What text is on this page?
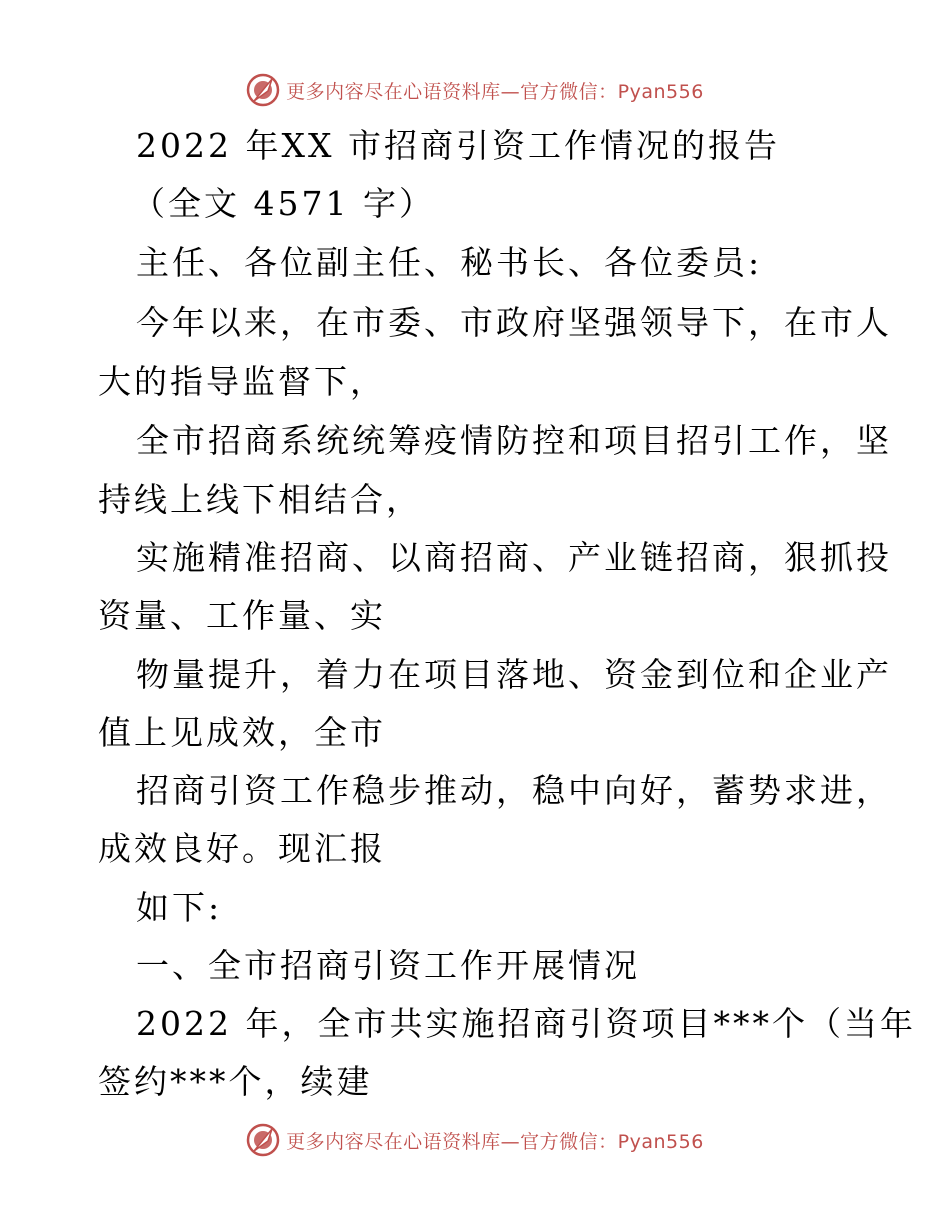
更多内容尽在心语资料库—官方微信：Pyan556
2022 年XX 市招商引资工作情况的报告
（全文 4571 字）
主任、各位副主任、秘书长、各位委员:
今年以来，在市委、市政府坚强领导下，在市人
大的指导监督下，
全市招商系统统筹疫情防控和项目招引工作，坚
持线上线下相结合，
实施精准招商、以商招商、产业链招商，狠抓投
资量、工作量、实
物量提升，着力在项目落地、资金到位和企业产
值上见成效，全市
招商引资工作稳步推动，稳中向好，蓄势求进，
成效良好。现汇报
如下:
一、全市招商引资工作开展情况
2022 年，全市共实施招商引资项目***个（当年
签约***个，续建
更多内容尽在心语资料库—官方微信：Pyan556
